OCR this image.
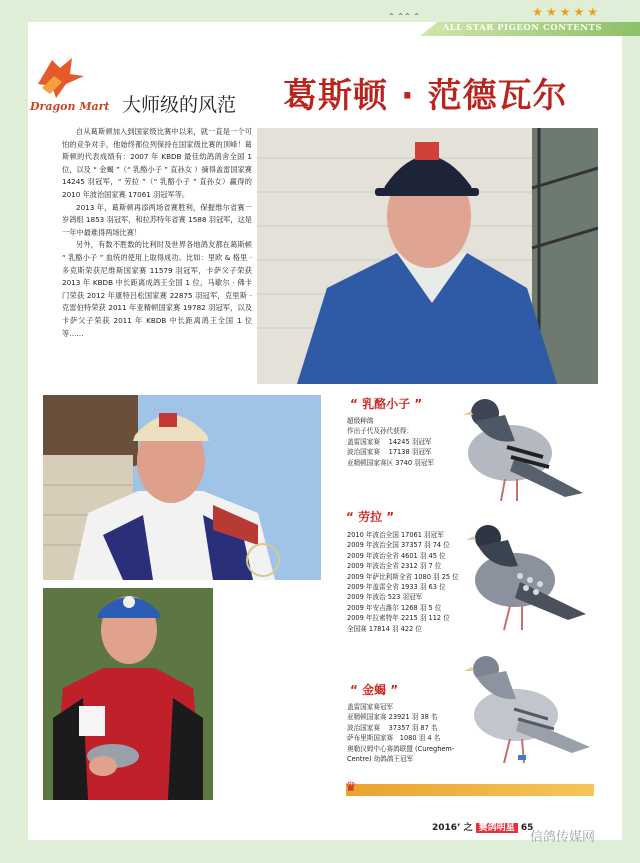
★ ★ ★ ★ ★
ALL STAR PIGEON CONTENTS
⌃ ⌃⌃ ⌃
Dragon Mart 大师级的风范 葛斯顿 · 范德瓦尔

自从葛斯顿加入到国家级比赛中以来，就一直是一个可怕的竞争对手，他始终都位列保持在国家级比赛的顶峰！葛斯顿的代表成绩有：2007 年 KBDB 最佳幼鸽鸽舍全国 1 位，以及 “ 金蝎 ”（“ 乳酪小子 ” 直孙女 ）摘得盖雷国家赛 14245 羽冠军，“ 劳拉 ”（“ 乳酪小子 ” 直孙女）赢得的 2010 年波治国家赛 17061 羽冠军等。

2013 年，葛斯顿再添两场省赛胜利，保握维尔省赛一岁鸽组 1853 羽冠军，和拉苏特年省赛 1588 羽冠军，这是一年中最难得两场比赛！

另外，有数不胜数的比利时及世界各地鸽友都在葛斯顿 “ 乳酪小子 ” 血统的使用上取得成功。比如：里欧 & 格里 · 多克斯荣获尼维斯国家赛 11579 羽冠军，卡萨父子荣获 2013 年 KBDB 中长距离成鸽王全国 1 位，马歇尔 · 佛卡门荣获 2012 年康特吕松国家赛 22875 羽冠军，克里斯 · 克雷伯特荣获 2011 年亚精顿国家赛 19782 羽冠军，以及卡萨父子荣获 2011 年 KBDB 中长距离鸽王全国 1 位等……

“ 乳酪小子 ”
超级种鸽
作出子代及孙代获得：
盖雷国家赛　 14245 羽冠军
波治国家赛　 17138 羽冠军
亚精顿国家赛区 3740 羽冠军
“ 劳拉 ”
2010 年波治全国 17061 羽冠军
2009 年波治全国 37357 羽 74 位
2009 年波治全省 4601 羽 45 位
2009 年波治全省 2312 羽 7 位
2009 年萨比利斯全省 1080 羽 25 位
2009 年盖雷全省 1933 羽 63 位
2009 年波治 523 羽冠军
2009 年安吉潍尔 1268 羽 5 位
2009 年拉索特年 2215 羽 112 位
全国赛 17814 羽 422 位
“ 金蝎 ”
盖雷国家赛冠军
亚精顿国家赛 23921 羽 38 名
波治国家赛　 37357 羽 87 名
萨布里斯国家赛　1080 羽 4 名
奥勒汉姆中心赛鸽联盟 (Cureghem-
Centre) 幼鸽鸽王冠军
♛
2016’ 之 赛鸽明星 65
信鸽传媒网
